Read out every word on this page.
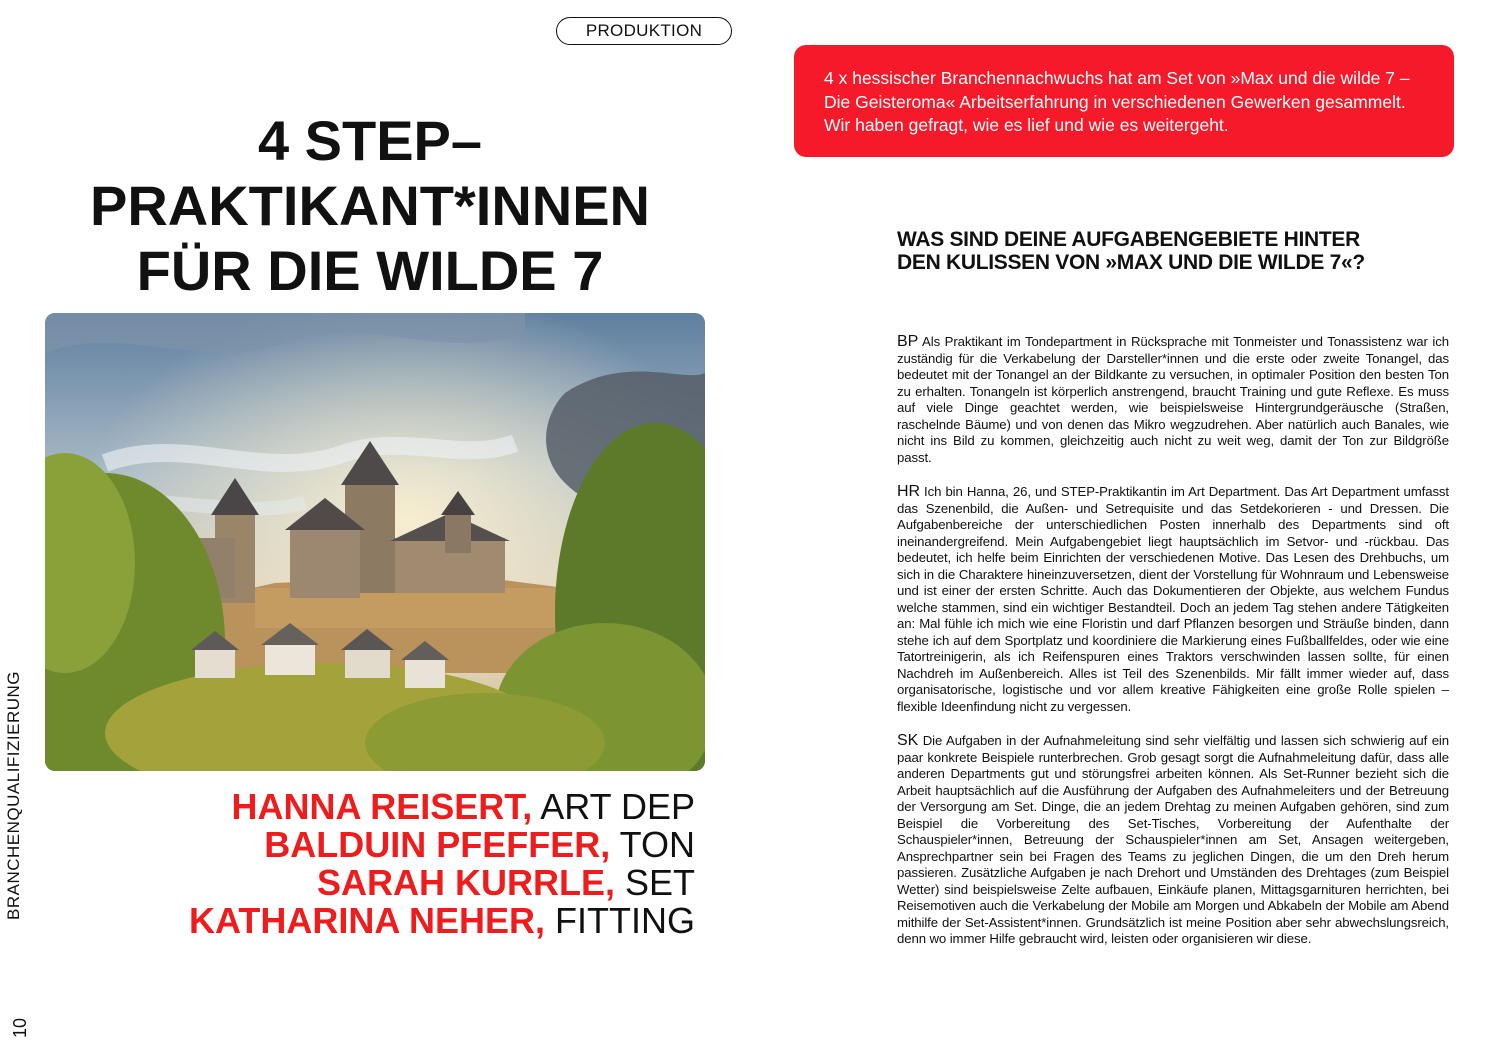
BRANCHENQUALIFIZIERUNG
10
PRODUKTION
4 STEP–
PRAKTIKANT*INNEN
FÜR DIE WILDE 7
HANNA REISERT, ART DEP
BALDUIN PFEFFER, TON
SARAH KURRLE, SET
KATHARINA NEHER, FITTING
4 x hessischer Branchennachwuchs hat am Set von »Max und die wilde 7 – Die Geisteroma« Arbeitserfahrung in verschiedenen Gewerken gesammelt. Wir haben gefragt, wie es lief und wie es weitergeht.
WAS SIND DEINE AUFGABENGEBIETE HINTER DEN KULISSEN VON »MAX UND DIE WILDE 7«?

BP Als Praktikant im Tondepartment in Rücksprache mit Tonmeister und Tonassistenz war ich zuständig für die Verkabelung der Darsteller*innen und die erste oder zweite Tonangel, das bedeutet mit der Tonangel an der Bildkante zu versuchen, in optimaler Position den besten Ton zu erhalten. Tonangeln ist körperlich anstrengend, braucht Training und gute Reflexe. Es muss auf viele Dinge geachtet werden, wie beispielsweise Hintergrundgeräusche (Straßen, raschelnde Bäume) und von denen das Mikro wegzudrehen. Aber natürlich auch Banales, wie nicht ins Bild zu kommen, gleichzeitig auch nicht zu weit weg, damit der Ton zur Bildgröße passt.

HR Ich bin Hanna, 26, und STEP-Praktikantin im Art Department. Das Art Department umfasst das Szenenbild, die Außen- und Setrequisite und das Setdekorieren - und Dressen. Die Aufgabenbereiche der unterschiedlichen Posten innerhalb des Departments sind oft ineinandergreifend. Mein Aufgabengebiet liegt hauptsächlich im Setvor- und -rückbau. Das bedeutet, ich helfe beim Einrichten der verschiedenen Motive. Das Lesen des Drehbuchs, um sich in die Charaktere hineinzuversetzen, dient der Vorstellung für Wohnraum und Lebensweise und ist einer der ersten Schritte. Auch das Dokumentieren der Objekte, aus welchem Fundus welche stammen, sind ein wichtiger Bestandteil. Doch an jedem Tag stehen andere Tätigkeiten an: Mal fühle ich mich wie eine Floristin und darf Pflanzen besorgen und Sträuße binden, dann stehe ich auf dem Sportplatz und koordiniere die Markierung eines Fußballfeldes, oder wie eine Tatortreinigerin, als ich Reifenspuren eines Traktors verschwinden lassen sollte, für einen Nachdreh im Außenbereich. Alles ist Teil des Szenenbilds. Mir fällt immer wieder auf, dass organisatorische, logistische und vor allem kreative Fähigkeiten eine große Rolle spielen – flexible Ideenfindung nicht zu vergessen.

SK Die Aufgaben in der Aufnahmeleitung sind sehr vielfältig und lassen sich schwierig auf ein paar konkrete Beispiele runterbrechen. Grob gesagt sorgt die Aufnahmeleitung dafür, dass alle anderen Departments gut und störungsfrei arbeiten können. Als Set-Runner bezieht sich die Arbeit hauptsächlich auf die Ausführung der Aufgaben des Aufnahmeleiters und der Betreuung der Versorgung am Set. Dinge, die an jedem Drehtag zu meinen Aufgaben gehören, sind zum Beispiel die Vorbereitung des Set-Tisches, Vorbereitung der Aufenthalte der Schauspieler*innen, Betreuung der Schauspieler*innen am Set, Ansagen weitergeben, Ansprechpartner sein bei Fragen des Teams zu jeglichen Dingen, die um den Dreh herum passieren. Zusätzliche Aufgaben je nach Drehort und Umständen des Drehtages (zum Beispiel Wetter) sind beispielsweise Zelte aufbauen, Einkäufe planen, Mittagsgarnituren herrichten, bei Reisemotiven auch die Verkabelung der Mobile am Morgen und Abkabeln der Mobile am Abend mithilfe der Set-Assistent*innen. Grundsätzlich ist meine Position aber sehr abwechslungsreich, denn wo immer Hilfe gebraucht wird, leisten oder organisieren wir diese.
